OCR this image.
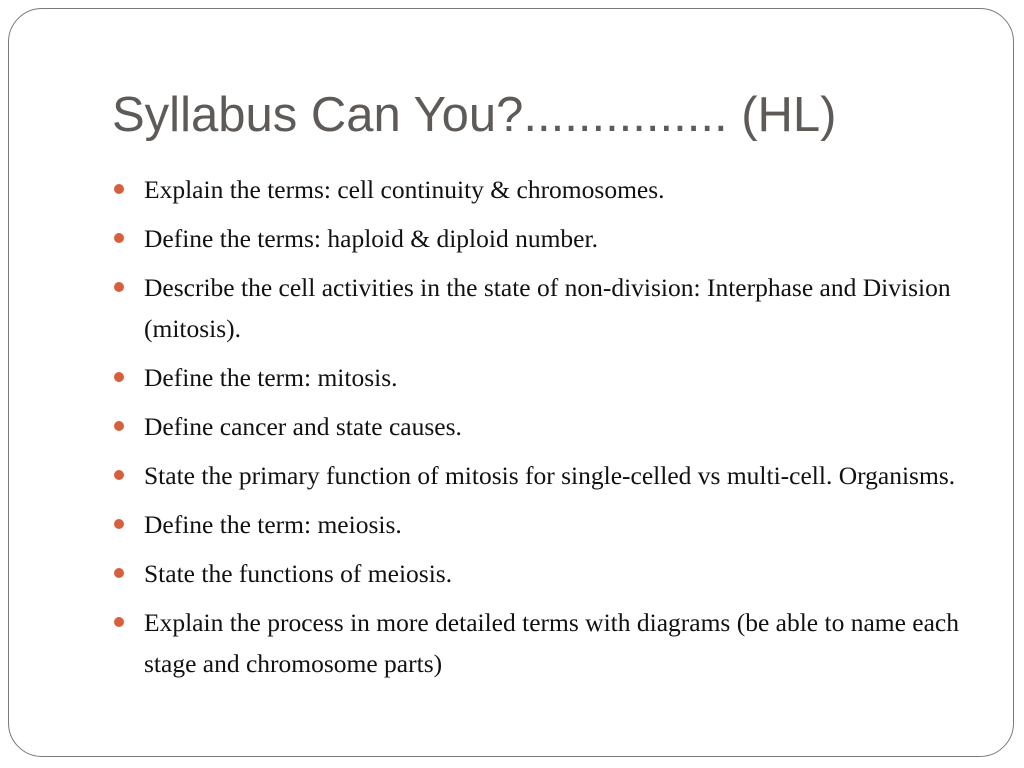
Syllabus Can You?............... (HL)
Explain the terms: cell continuity & chromosomes.
Define the terms: haploid & diploid number.
Describe the cell activities in the state of non-division: Interphase and Division (mitosis).
Define the term: mitosis.
Define cancer and state causes.
State the primary function of mitosis for single-celled vs multi-cell. Organisms.
Define the term: meiosis.
State the functions of meiosis.
Explain the process in more detailed terms with diagrams (be able to name each stage and chromosome parts)
